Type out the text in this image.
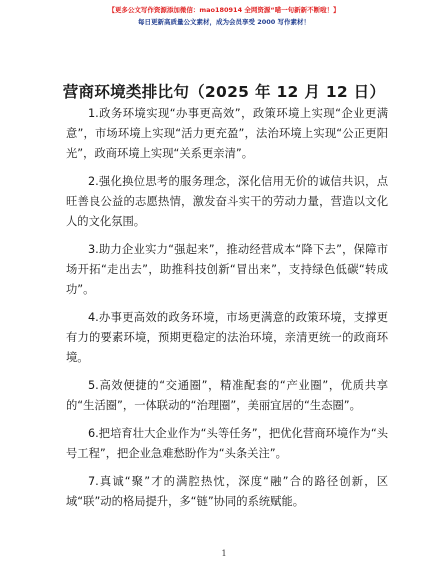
【更多公文写作资源添加微信：mao180914 全网资源“喵一句新新不断啦！】
每日更新高质量公文素材，成为会员享受 2000 写作素材！
营商环境类排比句（2025 年 12 月 12 日）

1.政务环境实现“办事更高效”，政策环境上实现“企业更满意”，市场环境上实现“活力更充盈”，法治环境上实现“公正更阳光”，政商环境上实现“关系更亲清”。

2.强化换位思考的服务理念，深化信用无价的诚信共识，点旺善良公益的志愿热情，激发奋斗实干的劳动力量，营造以文化人的文化氛围。

3.助力企业实力“强起来”，推动经营成本“降下去”，保障市场开拓“走出去”，助推科技创新“冒出来”，支持绿色低碳“转成功”。

4.办事更高效的政务环境，市场更满意的政策环境，支撑更有力的要素环境，预期更稳定的法治环境，亲清更统一的政商环境。

5.高效便捷的“交通圈”，精准配套的“产业圈”，优质共享的“生活圈”，一体联动的“治理圈”，美丽宜居的“生态圈”。

6.把培育壮大企业作为“头等任务”，把优化营商环境作为“头号工程”，把企业急难愁盼作为“头条关注”。

7.真诚“聚”才的满腔热忱，深度“融”合的路径创新，区域“联”动的格局提升，多“链”协同的系统赋能。

1
